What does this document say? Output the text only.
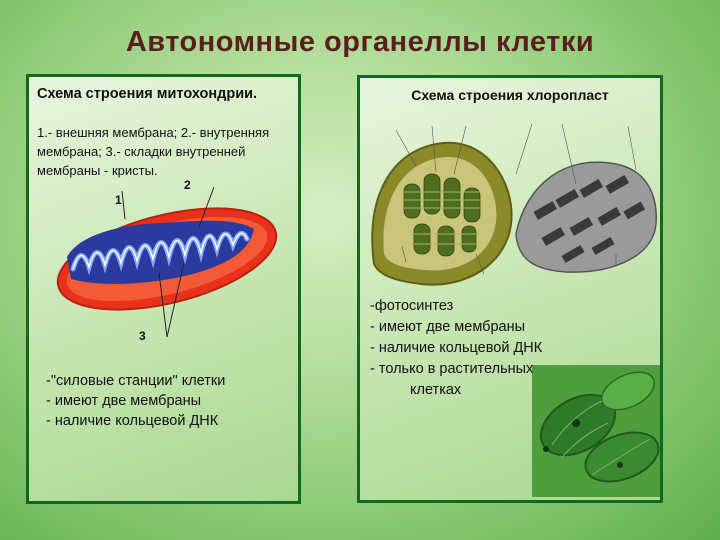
Автономные органеллы клетки
Схема строения митохондрии.
1.- внешняя мембрана; 2.- внутренняя мембрана; 3.- складки внутренней мембраны - кристы.
1
2
3
-"силовые станции" клетки
- имеют две мембраны
- наличие кольцевой ДНК
Схема строения хлоропласт
-фотосинтез
- имеют две мембраны
- наличие кольцевой ДНК
- только в растительных
клетках
